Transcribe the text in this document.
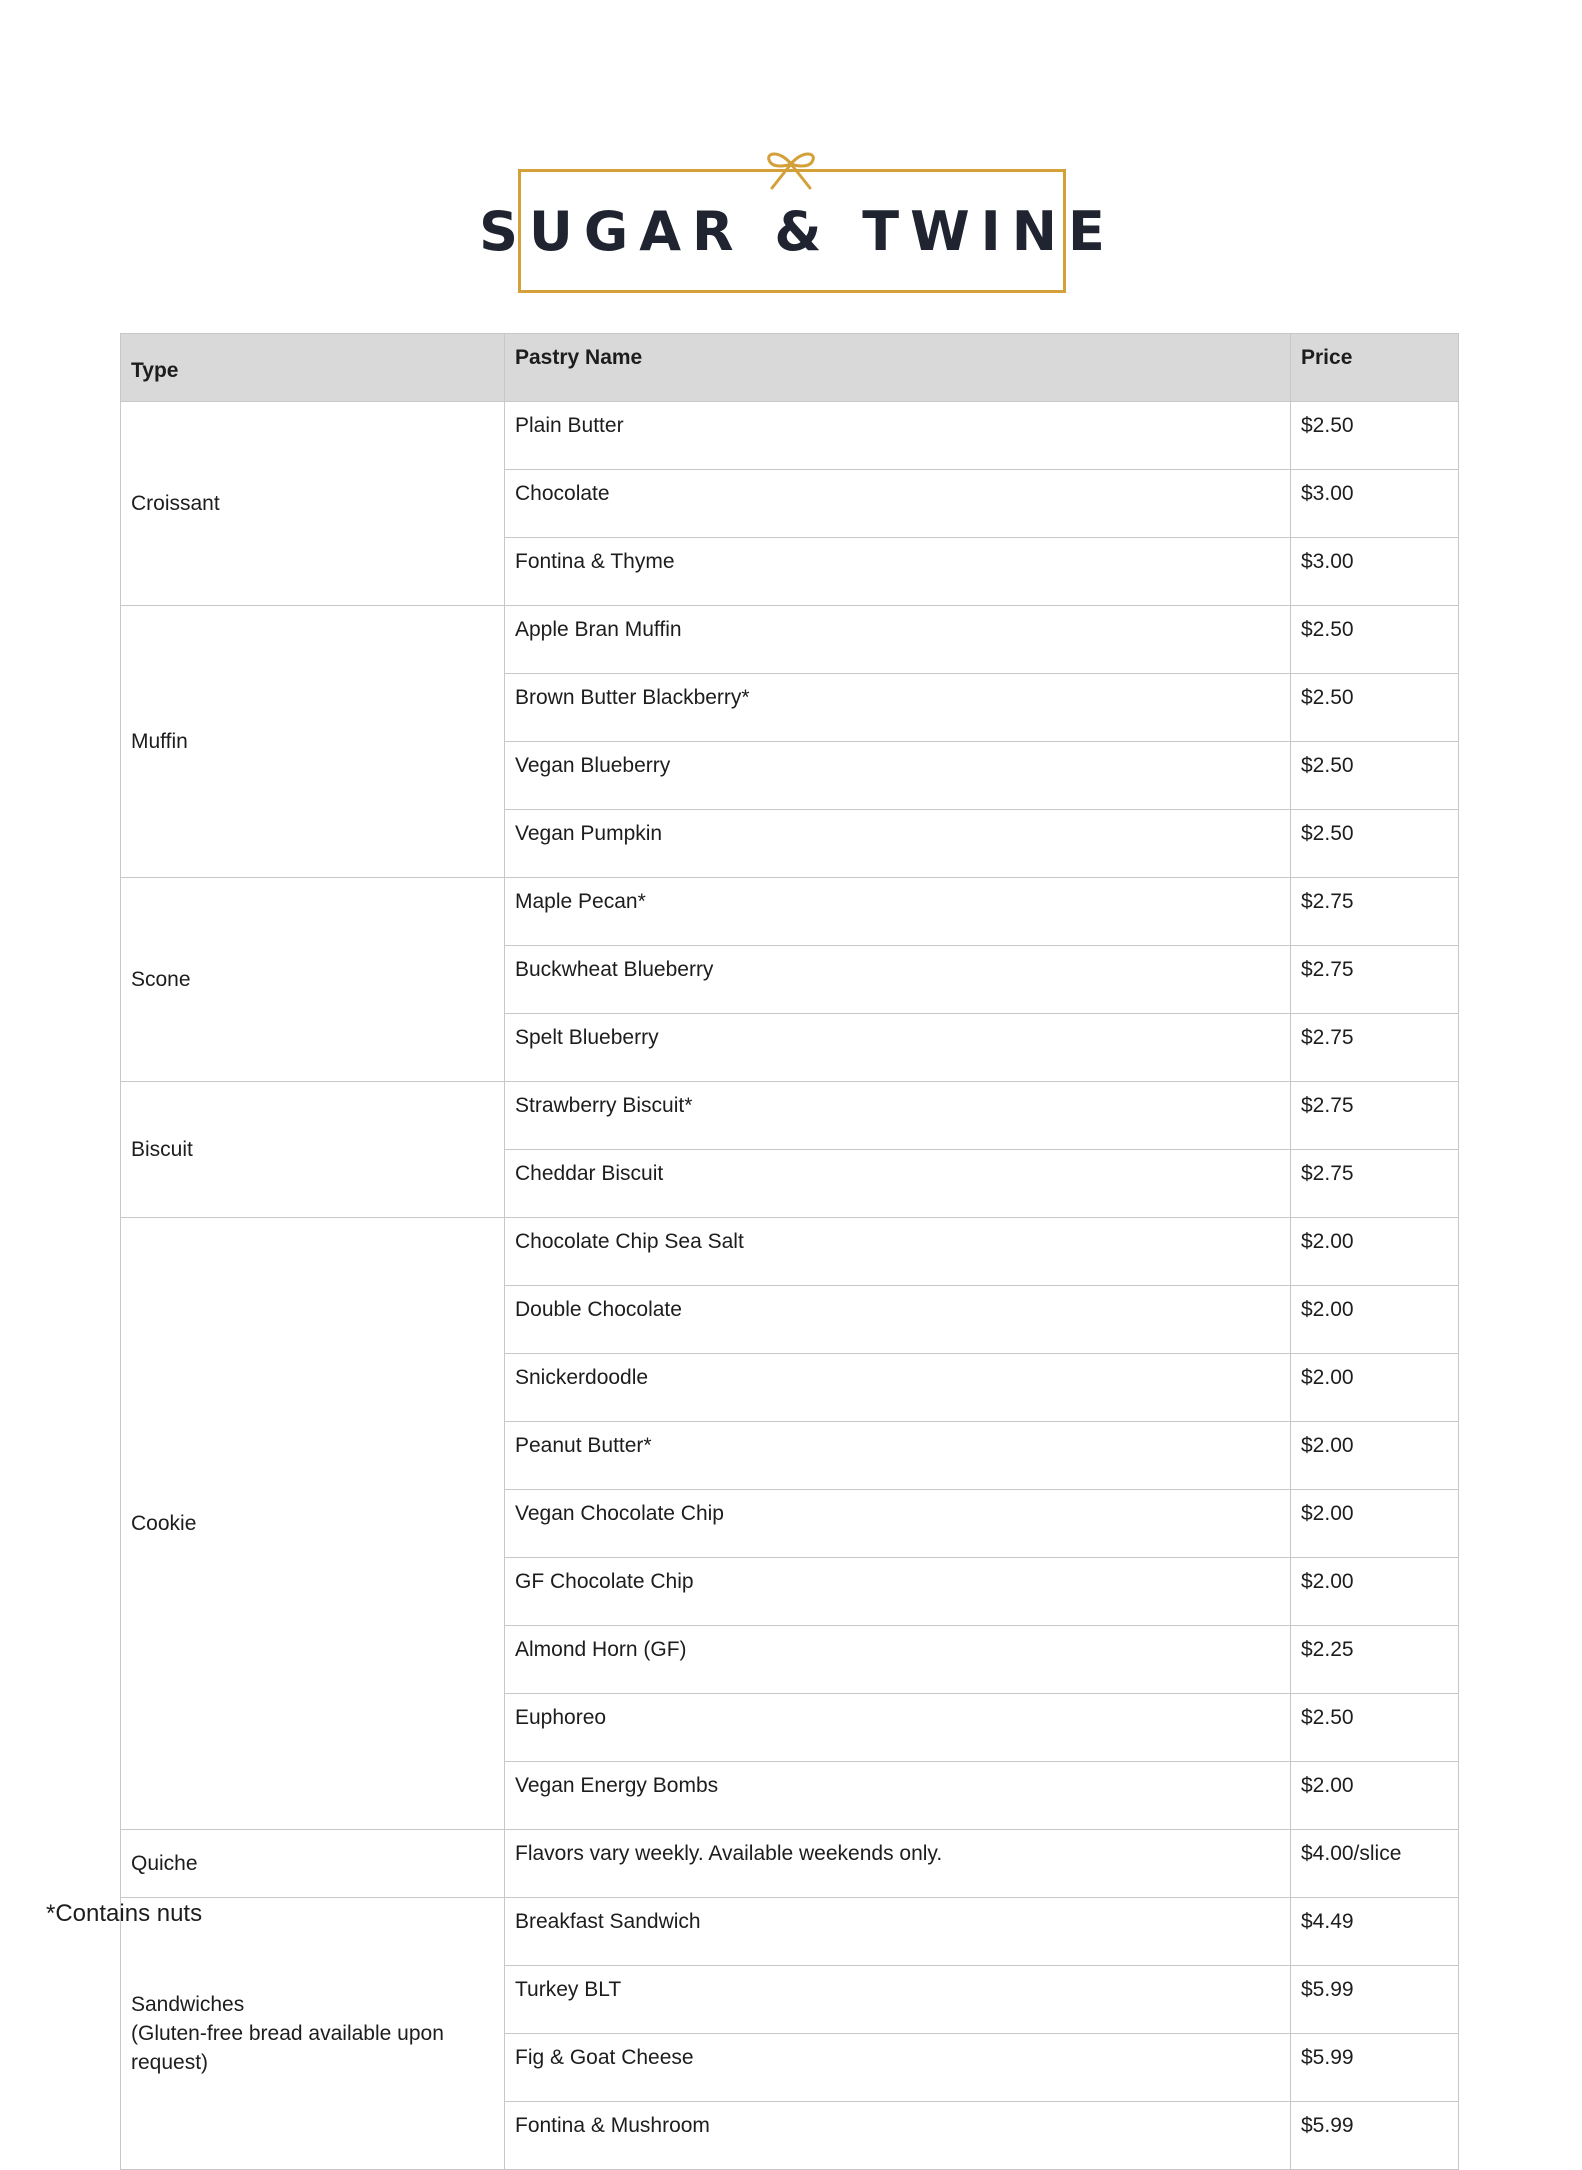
SUGAR & TWINE
Type	Pastry Name	Price

Croissant	Plain Butter	$2.50
	Chocolate	$3.00
	Fontina & Thyme	$3.00

Muffin	Apple Bran Muffin	$2.50
	Brown Butter Blackberry*	$2.50
	Vegan Blueberry	$2.50
	Vegan Pumpkin	$2.50

Scone	Maple Pecan*	$2.75
	Buckwheat Blueberry	$2.75
	Spelt Blueberry	$2.75

Biscuit	Strawberry Biscuit*	$2.75
	Cheddar Biscuit	$2.75

Cookie	Chocolate Chip Sea Salt	$2.00
	Double Chocolate	$2.00
	Snickerdoodle	$2.00
	Peanut Butter*	$2.00
	Vegan Chocolate Chip	$2.00
	GF Chocolate Chip	$2.00
	Almond Horn (GF)	$2.25
	Euphoreo	$2.50
	Vegan Energy Bombs	$2.00

Quiche	Flavors vary weekly. Available weekends only.	$4.00/slice

Sandwiches
(Gluten-free bread available upon request)	Breakfast Sandwich	$4.49
	Turkey BLT	$5.99
	Fig & Goat Cheese	$5.99
	Fontina & Mushroom	$5.99
*Contains nuts
